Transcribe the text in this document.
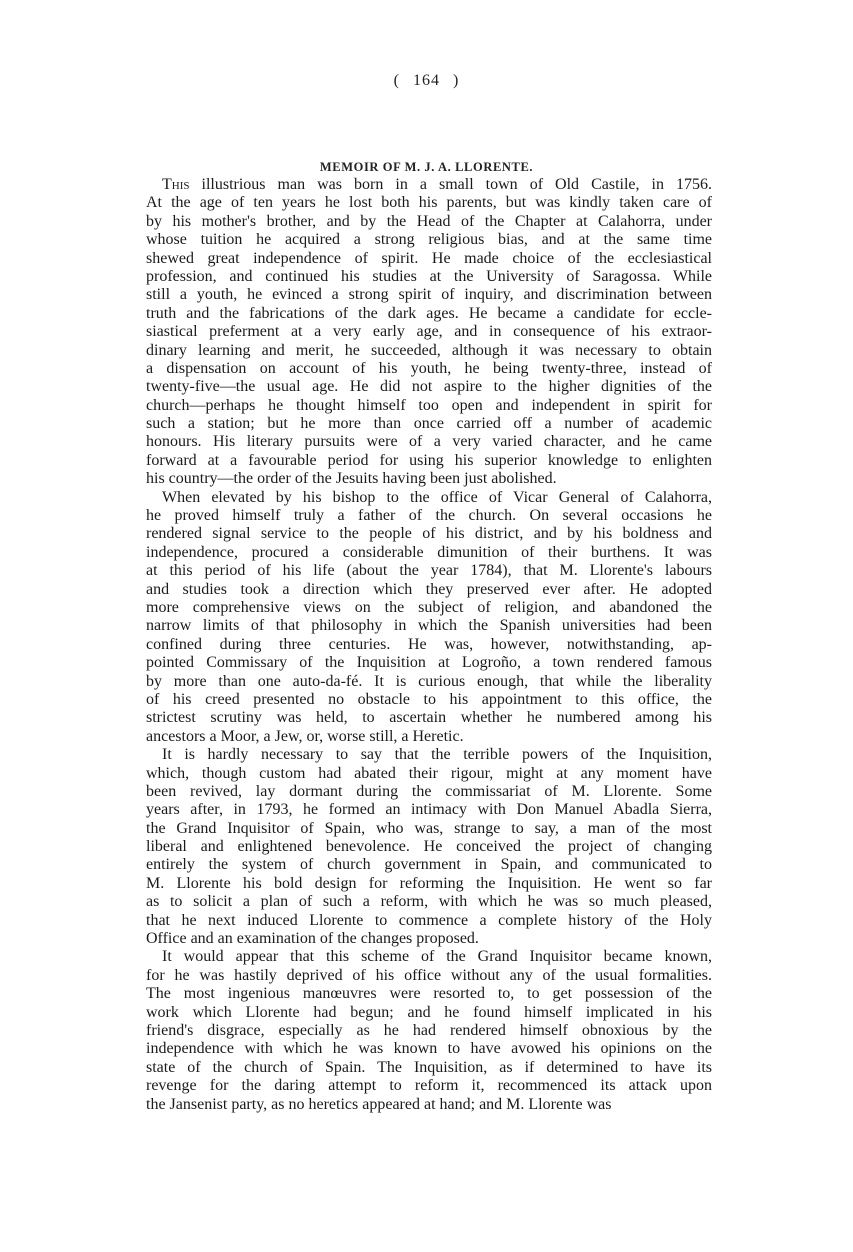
( 164 )
MEMOIR OF M. J. A. LLORENTE.
This illustrious man was born in a small town of Old Castile, in 1756.
At the age of ten years he lost both his parents, but was kindly taken care of
by his mother's brother, and by the Head of the Chapter at Calahorra, under
whose tuition he acquired a strong religious bias, and at the same time
shewed great independence of spirit. He made choice of the ecclesiastical
profession, and continued his studies at the University of Saragossa. While
still a youth, he evinced a strong spirit of inquiry, and discrimination between
truth and the fabrications of the dark ages. He became a candidate for eccle-
siastical preferment at a very early age, and in consequence of his extraor-
dinary learning and merit, he succeeded, although it was necessary to obtain
a dispensation on account of his youth, he being twenty-three, instead of
twenty-five—the usual age. He did not aspire to the higher dignities of the
church—perhaps he thought himself too open and independent in spirit for
such a station; but he more than once carried off a number of academic
honours. His literary pursuits were of a very varied character, and he came
forward at a favourable period for using his superior knowledge to enlighten
his country—the order of the Jesuits having been just abolished.
When elevated by his bishop to the office of Vicar General of Calahorra,
he proved himself truly a father of the church. On several occasions he
rendered signal service to the people of his district, and by his boldness and
independence, procured a considerable dimunition of their burthens. It was
at this period of his life (about the year 1784), that M. Llorente's labours
and studies took a direction which they preserved ever after. He adopted
more comprehensive views on the subject of religion, and abandoned the
narrow limits of that philosophy in which the Spanish universities had been
confined during three centuries. He was, however, notwithstanding, ap-
pointed Commissary of the Inquisition at Logroño, a town rendered famous
by more than one auto-da-fé. It is curious enough, that while the liberality
of his creed presented no obstacle to his appointment to this office, the
strictest scrutiny was held, to ascertain whether he numbered among his
ancestors a Moor, a Jew, or, worse still, a Heretic.
It is hardly necessary to say that the terrible powers of the Inquisition,
which, though custom had abated their rigour, might at any moment have
been revived, lay dormant during the commissariat of M. Llorente. Some
years after, in 1793, he formed an intimacy with Don Manuel Abadla Sierra,
the Grand Inquisitor of Spain, who was, strange to say, a man of the most
liberal and enlightened benevolence. He conceived the project of changing
entirely the system of church government in Spain, and communicated to
M. Llorente his bold design for reforming the Inquisition. He went so far
as to solicit a plan of such a reform, with which he was so much pleased,
that he next induced Llorente to commence a complete history of the Holy
Office and an examination of the changes proposed.
It would appear that this scheme of the Grand Inquisitor became known,
for he was hastily deprived of his office without any of the usual formalities.
The most ingenious manœuvres were resorted to, to get possession of the
work which Llorente had begun; and he found himself implicated in his
friend's disgrace, especially as he had rendered himself obnoxious by the
independence with which he was known to have avowed his opinions on the
state of the church of Spain. The Inquisition, as if determined to have its
revenge for the daring attempt to reform it, recommenced its attack upon
the Jansenist party, as no heretics appeared at hand; and M. Llorente was
